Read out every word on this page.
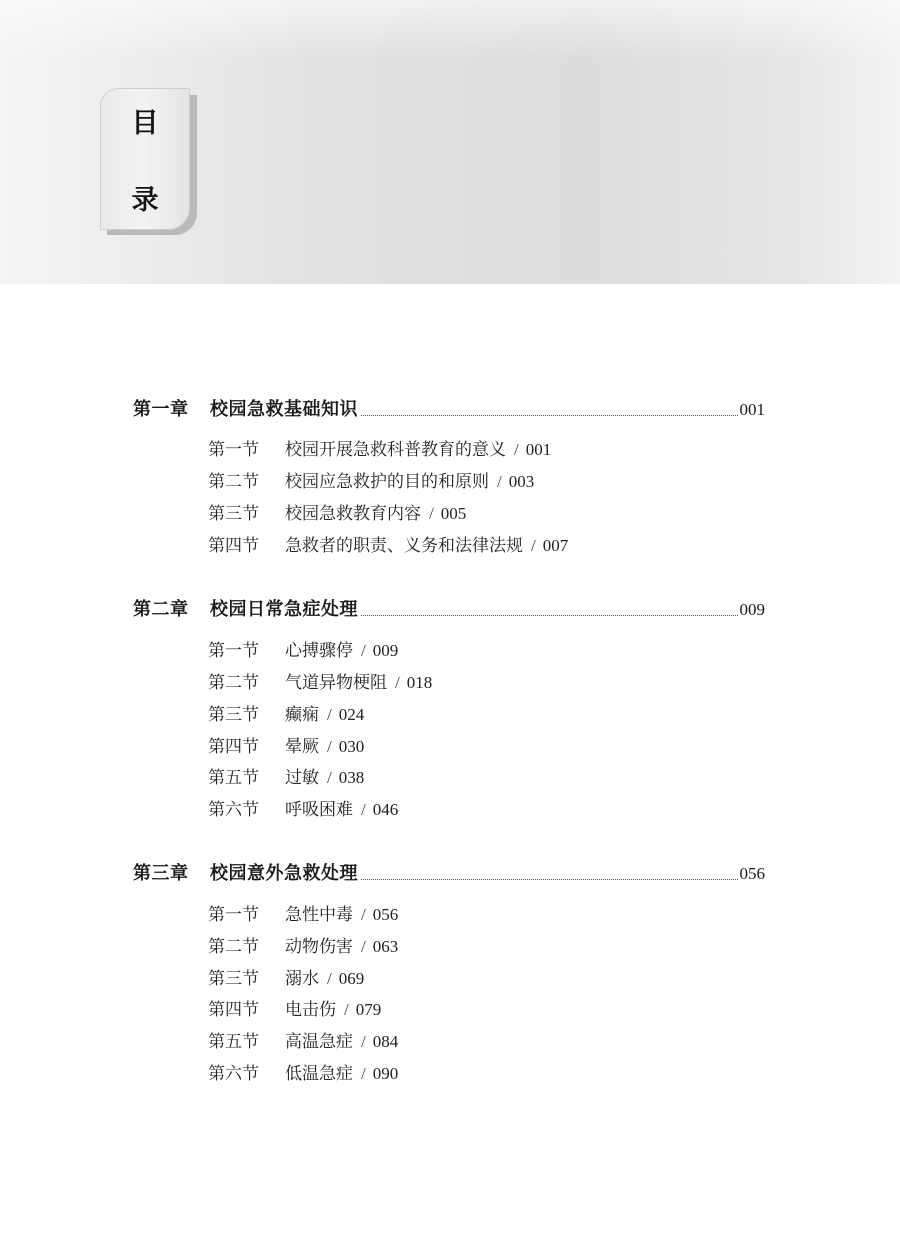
目
录
第一章	校园急救基础知识	001
第一节	校园开展急救科普教育的意义 / 001
第二节	校园应急救护的目的和原则 / 003
第三节	校园急救教育内容 / 005
第四节	急救者的职责、义务和法律法规 / 007
第二章	校园日常急症处理	009
第一节	心搏骤停 / 009
第二节	气道异物梗阻 / 018
第三节	癫痫 / 024
第四节	晕厥 / 030
第五节	过敏 / 038
第六节	呼吸困难 / 046
第三章	校园意外急救处理	056
第一节	急性中毒 / 056
第二节	动物伤害 / 063
第三节	溺水 / 069
第四节	电击伤 / 079
第五节	高温急症 / 084
第六节	低温急症 / 090
